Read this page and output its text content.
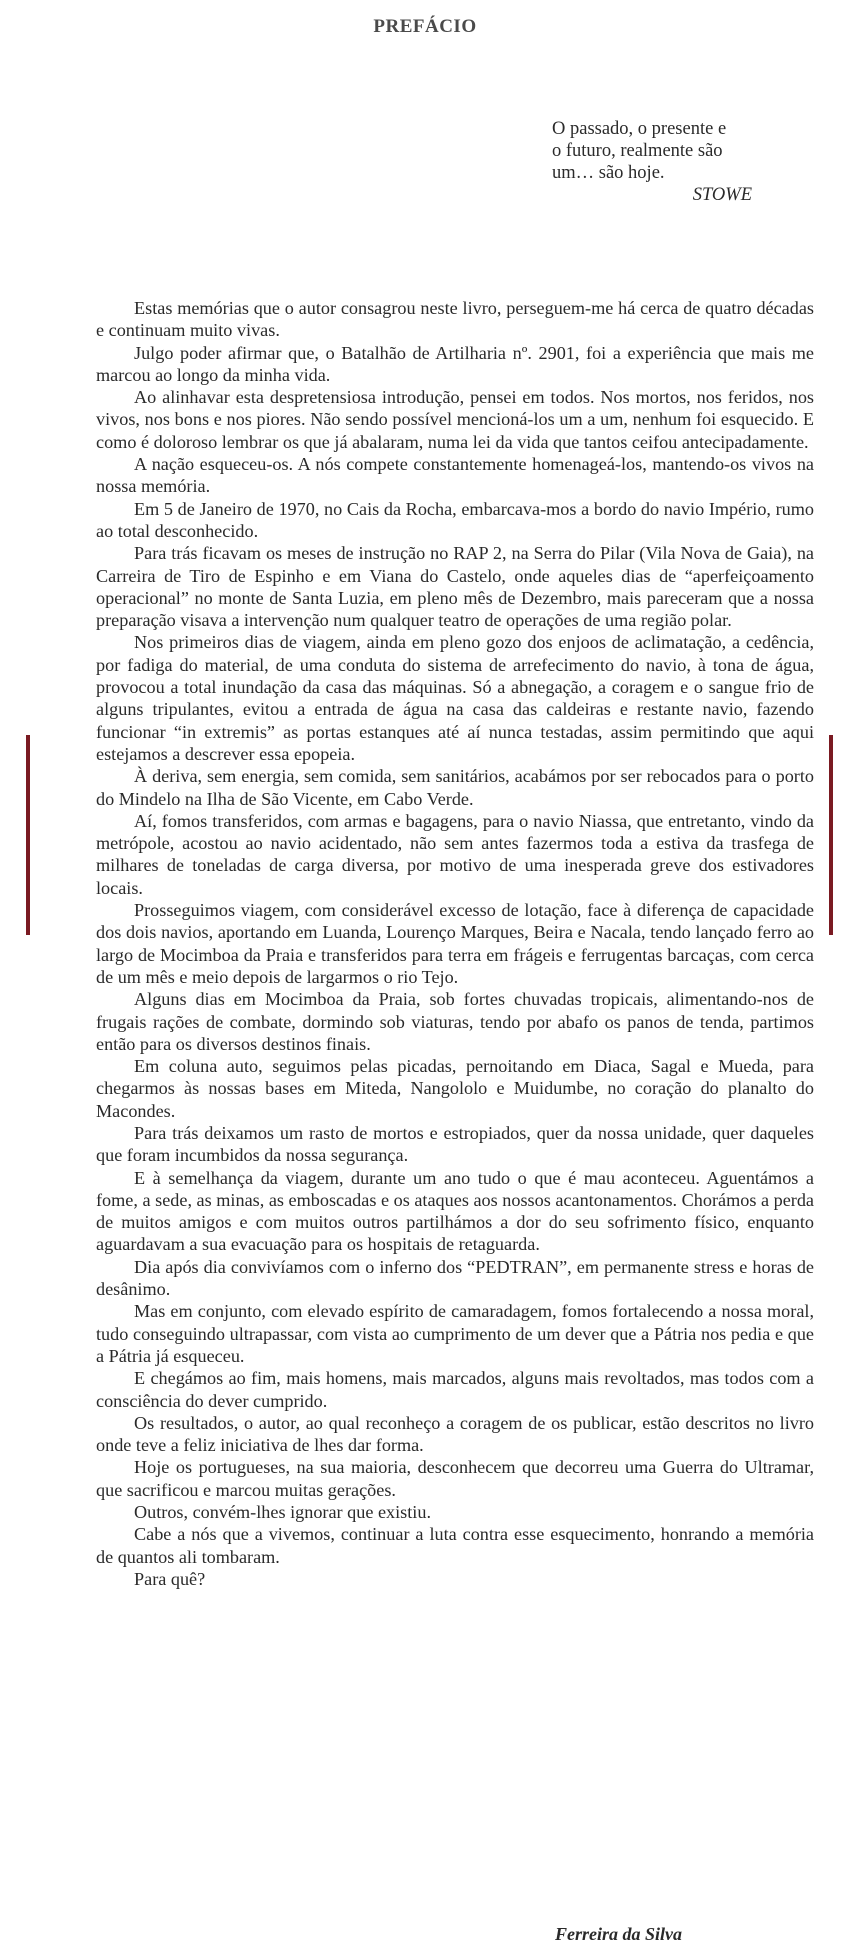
PREFÁCIO
O passado, o presente e
o futuro, realmente são
um… são hoje.
STOWE

Estas memórias que o autor consagrou neste livro, perseguem-me há cerca de quatro décadas e continuam muito vivas.

Julgo poder afirmar que, o Batalhão de Artilharia nº. 2901, foi a experiência que mais me marcou ao longo da minha vida.

Ao alinhavar esta despretensiosa introdução, pensei em todos. Nos mortos, nos feridos, nos vivos, nos bons e nos piores. Não sendo possível mencioná-los um a um, nenhum foi esquecido. E como é doloroso lembrar os que já abalaram, numa lei da vida que tantos ceifou antecipadamente.

A nação esqueceu-os. A nós compete constantemente homenageá-los, mantendo-os vivos na nossa memória.

Em 5 de Janeiro de 1970, no Cais da Rocha, embarcava-mos a bordo do navio Império, rumo ao total desconhecido.

Para trás ficavam os meses de instrução no RAP 2, na Serra do Pilar (Vila Nova de Gaia), na Carreira de Tiro de Espinho e em Viana do Castelo, onde aqueles dias de “aperfeiçoamento operacional” no monte de Santa Luzia, em pleno mês de Dezembro, mais pareceram que a nossa preparação visava a intervenção num qualquer teatro de operações de uma região polar.

Nos primeiros dias de viagem, ainda em pleno gozo dos enjoos de aclimatação, a cedência, por fadiga do material, de uma conduta do sistema de arrefecimento do navio, à tona de água, provocou a total inundação da casa das máquinas. Só a abnegação, a coragem e o sangue frio de alguns tripulantes, evitou a entrada de água na casa das caldeiras e restante navio, fazendo funcionar “in extremis” as portas estanques até aí nunca testadas, assim permitindo que aqui estejamos a descrever essa epopeia.

À deriva, sem energia, sem comida, sem sanitários, acabámos por ser rebocados para o porto do Mindelo na Ilha de São Vicente, em Cabo Verde.

Aí, fomos transferidos, com armas e bagagens, para o navio Niassa, que entretanto, vindo da metrópole, acostou ao navio acidentado, não sem antes fazermos toda a estiva da trasfega de milhares de toneladas de carga diversa, por motivo de uma inesperada greve dos estivadores locais.

Prosseguimos viagem, com considerável excesso de lotação, face à diferença de capacidade dos dois navios, aportando em Luanda, Lourenço Marques, Beira e Nacala, tendo lançado ferro ao largo de Mocimboa da Praia e transferidos para terra em frágeis e ferrugentas barcaças, com cerca de um mês e meio depois de largarmos o rio Tejo.

Alguns dias em Mocimboa da Praia, sob fortes chuvadas tropicais, alimentando-nos de frugais rações de combate, dormindo sob viaturas, tendo por abafo os panos de tenda, partimos então para os diversos destinos finais.

Em coluna auto, seguimos pelas picadas, pernoitando em Diaca, Sagal e Mueda, para chegarmos às nossas bases em Miteda, Nangololo e Muidumbe, no coração do planalto do Macondes.

Para trás deixamos um rasto de mortos e estropiados, quer da nossa unidade, quer daqueles que foram incumbidos da nossa segurança.

E à semelhança da viagem, durante um ano tudo o que é mau aconteceu. Aguentámos a fome, a sede, as minas, as emboscadas e os ataques aos nossos acantonamentos. Chorámos a perda de muitos amigos e com muitos outros partilhámos a dor do seu sofrimento físico, enquanto aguardavam a sua evacuação para os hospitais de retaguarda.

Dia após dia convivíamos com o inferno dos “PEDTRAN”, em permanente stress e horas de desânimo.

Mas em conjunto, com elevado espírito de camaradagem, fomos fortalecendo a nossa moral, tudo conseguindo ultrapassar, com vista ao cumprimento de um dever que a Pátria nos pedia e que a Pátria já esqueceu.

E chegámos ao fim, mais homens, mais marcados, alguns mais revoltados, mas todos com a consciência do dever cumprido.

Os resultados, o autor, ao qual reconheço a coragem de os publicar, estão descritos no livro onde teve a feliz iniciativa de lhes dar forma.

Hoje os portugueses, na sua maioria, desconhecem que decorreu uma Guerra do Ultramar, que sacrificou e marcou muitas gerações.

Outros, convém-lhes ignorar que existiu.

Cabe a nós que a vivemos, continuar a luta contra esse esquecimento, honrando a memória de quantos ali tombaram.

Para quê?

Ferreira da Silva
